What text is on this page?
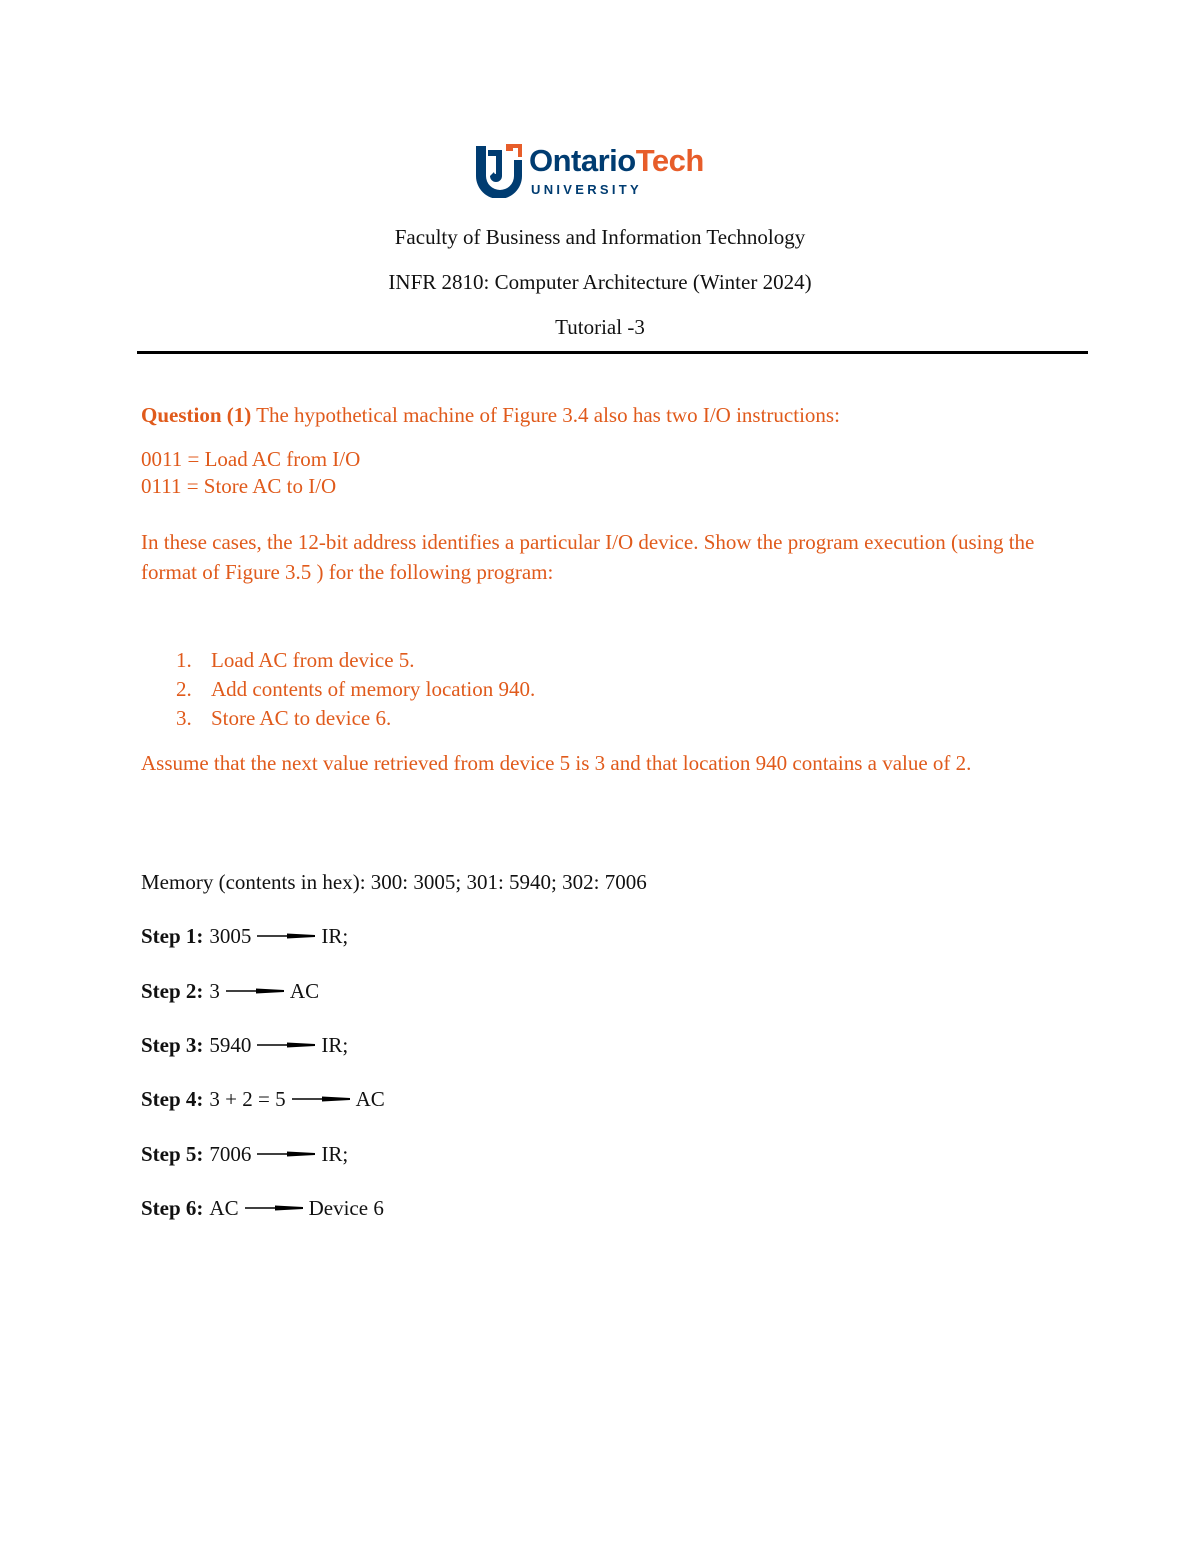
OntarioTech
UNIVERSITY
Faculty of Business and Information Technology
INFR 2810: Computer Architecture (Winter 2024)
Tutorial -3
Question (1) The hypothetical machine of Figure 3.4 also has two I/O instructions:
0011 = Load AC from I/O
0111 = Store AC to I/O
In these cases, the 12-bit address identifies a particular I/O device. Show the program execution (using the format of Figure 3.5 ) for the following program:
1. Load AC from device 5.
2. Add contents of memory location 940.
3. Store AC to device 6.
Assume that the next value retrieved from device 5 is 3 and that location 940 contains a value of 2.
Memory (contents in hex): 300: 3005; 301: 5940; 302: 7006
Step 1: 3005	IR;
Step 2: 3	AC
Step 3: 5940	IR;
Step 4: 3 + 2 = 5	AC
Step 5: 7006	IR;
Step 6: AC	Device 6
